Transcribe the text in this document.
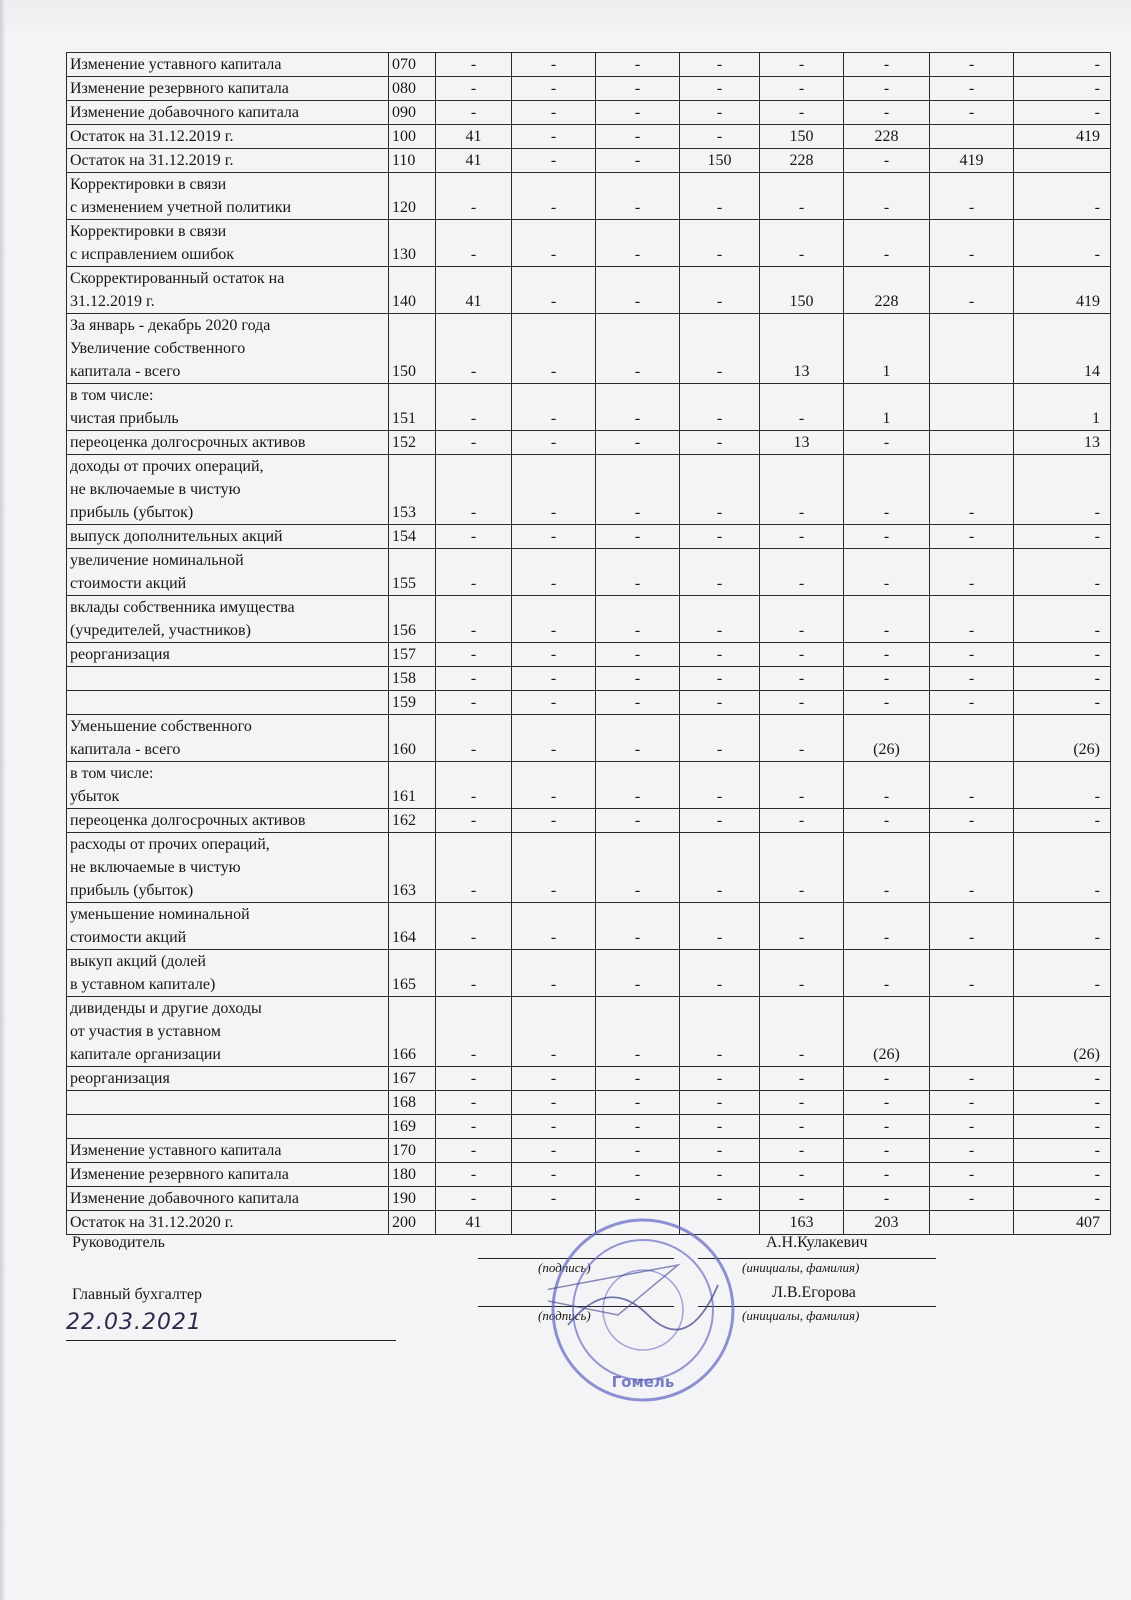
Изменение уставного капитала	070	-	-	-	-	-	-	-	-
Изменение резервного капитала	080	-	-	-	-	-	-	-	-
Изменение добавочного капитала	090	-	-	-	-	-	-	-	-
Остаток на 31.12.2019 г.	100	41	-	-	-	150	228		419
Остаток на 31.12.2019 г.	110	41	-	-	150	228	-	419	
Корректировки в связи
с изменением учетной политики	120	-	-	-	-	-	-	-	-
Корректировки в связи
с исправлением ошибок	130	-	-	-	-	-	-	-	-
Скорректированный остаток на
31.12.2019 г.	140	41	-	-	-	150	228	-	419
За январь - декабрь 2020 года
Увеличение собственного
капитала - всего	150	-	-	-	-	13	1		14
в том числе:
чистая прибыль	151	-	-	-	-	-	1		1
переоценка долгосрочных активов	152	-	-	-	-	13	-		13
доходы от прочих операций,
не включаемые в чистую
прибыль (убыток)	153	-	-	-	-	-	-	-	-
выпуск дополнительных акций	154	-	-	-	-	-	-	-	-
увеличение номинальной
стоимости акций	155	-	-	-	-	-	-	-	-
вклады собственника имущества
(учредителей, участников)	156	-	-	-	-	-	-	-	-
реорганизация	157	-	-	-	-	-	-	-	-
	158	-	-	-	-	-	-	-	-
	159	-	-	-	-	-	-	-	-
Уменьшение собственного
капитала - всего	160	-	-	-	-	-	(26)		(26)
в том числе:
убыток	161	-	-	-	-	-	-	-	-
переоценка долгосрочных активов	162	-	-	-	-	-	-	-	-
расходы от прочих операций,
не включаемые в чистую
прибыль (убыток)	163	-	-	-	-	-	-	-	-
уменьшение номинальной
стоимости акций	164	-	-	-	-	-	-	-	-
выкуп акций (долей
в уставном капитале)	165	-	-	-	-	-	-	-	-
дивиденды и другие доходы
от участия в уставном
капитале организации	166	-	-	-	-	-	(26)		(26)
реорганизация	167	-	-	-	-	-	-	-	-
	168	-	-	-	-	-	-	-	-
	169	-	-	-	-	-	-	-	-
Изменение уставного капитала	170	-	-	-	-	-	-	-	-
Изменение резервного капитала	180	-	-	-	-	-	-	-	-
Изменение добавочного капитала	190	-	-	-	-	-	-	-	-
Остаток на 31.12.2020 г.	200	41				163	203		407
Руководитель
(подпись)
А.Н.Кулакевич
(инициалы, фамилия)
Главный бухгалтер
(подпись)
Л.В.Егорова
(инициалы, фамилия)
22.03.2021
Гомель
